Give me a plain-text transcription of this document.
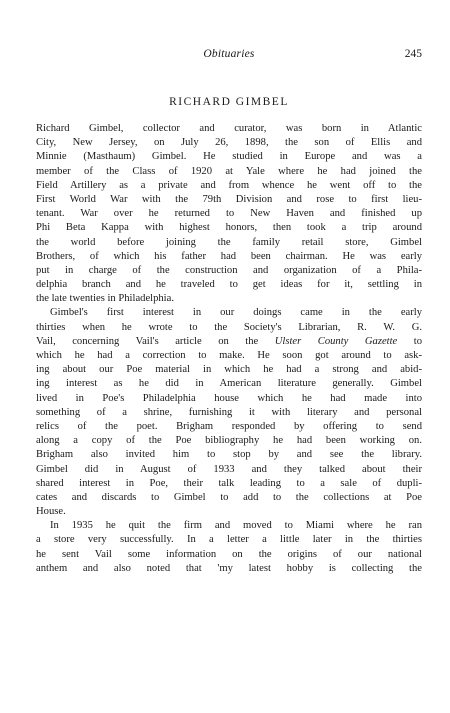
Obituaries	245
RICHARD GIMBEL

Richard Gimbel, collector and curator, was born in Atlantic
City, New Jersey, on July 26, 1898, the son of Ellis and
Minnie (Masthaum) Gimbel. He studied in Europe and was a
member of the Class of 1920 at Yale where he had joined the
Field Artillery as a private and from whence he went off to the
First World War with the 79th Division and rose to first lieu-
tenant. War over he returned to New Haven and finished up
Phi Beta Kappa with highest honors, then took a trip around
the world before joining the family retail store, Gimbel
Brothers, of which his father had been chairman. He was early
put in charge of the construction and organization of a Phila-
delphia branch and he traveled to get ideas for it, settling in
the late twenties in Philadelphia.

Gimbel's first interest in our doings came in the early
thirties when he wrote to the Society's Librarian, R. W. G.
Vail, concerning Vail's article on the Ulster County Gazette to
which he had a correction to make. He soon got around to ask-
ing about our Poe material in which he had a strong and abid-
ing interest as he did in American literature generally. Gimbel
lived in Poe's Philadelphia house which he had made into
something of a shrine, furnishing it with literary and personal
relics of the poet. Brigham responded by offering to send
along a copy of the Poe bibliography he had been working on.
Brigham also invited him to stop by and see the library.
Gimbel did in August of 1933 and they talked about their
shared interest in Poe, their talk leading to a sale of dupli-
cates and discards to Gimbel to add to the collections at Poe
House.

In 1935 he quit the firm and moved to Miami where he ran
a store very successfully. In a letter a little later in the thirties
he sent Vail some information on the origins of our national
anthem and also noted that 'my latest hobby is collecting the
